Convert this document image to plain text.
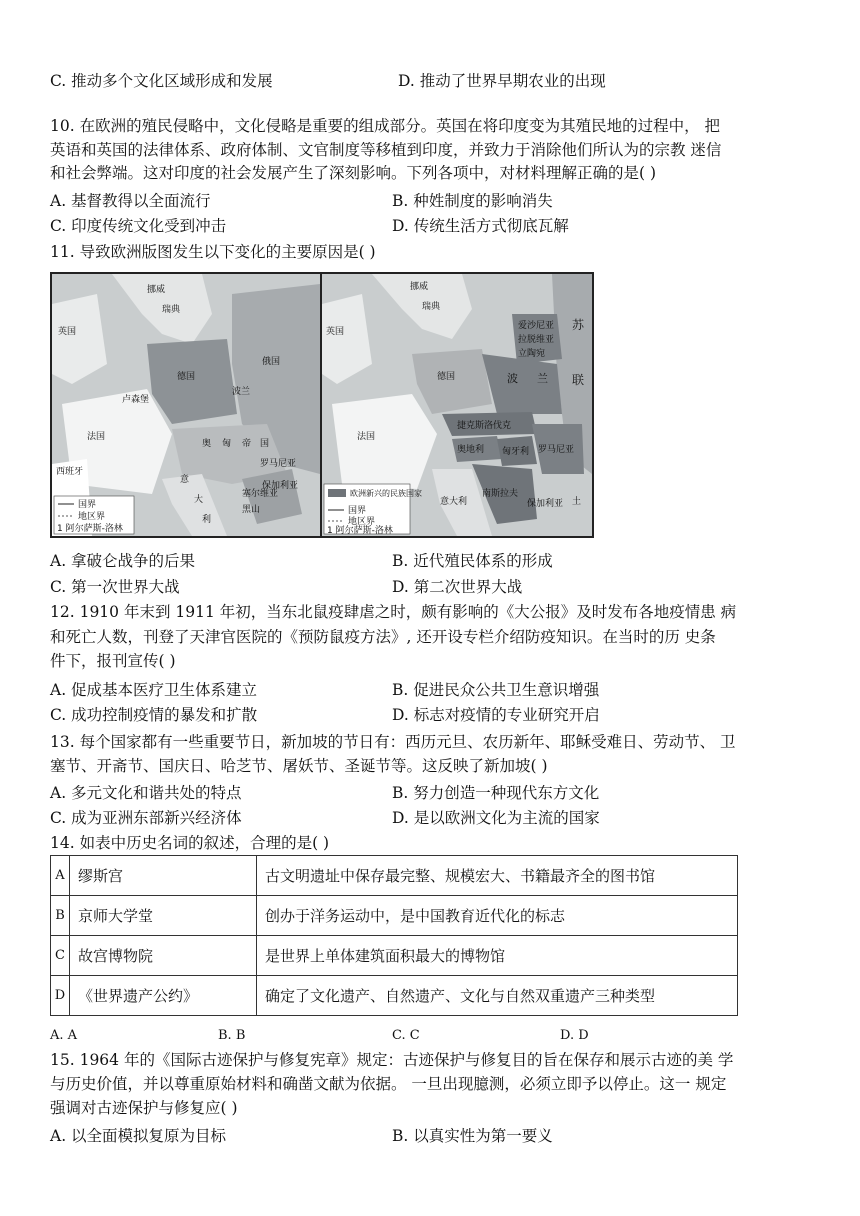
C. 推动多个文化区域形成和发展	D. 推动了世界早期农业的出现
10. 在欧洲的殖民侵略中，文化侵略是重要的组成部分。英国在将印度变为其殖民地的过程中， 把
英语和英国的法律体系、政府体制、文官制度等移植到印度，并致力于消除他们所认为的宗教 迷信
和社会弊端。这对印度的社会发展产生了深刻影响。下列各项中，对材料理解正确的是( )
A. 基督教得以全面流行	B. 种姓制度的影响消失
C. 印度传统文化受到冲击	D. 传统生活方式彻底瓦解
11. 导致欧洲版图发生以下变化的主要原因是( )
挪威
瑞典
英国
俄国
德国
法国
波兰
奥 匈 帝 国
意
大
利
西班牙
卢森堡
塞尔维亚
罗马尼亚
保加利亚
黑山
国界
地区界
1 阿尔萨斯-洛林
挪威
瑞典
苏
联
英国
德国
法国
波 兰
拉脱维亚
立陶宛
爱沙尼亚
捷克斯洛伐克
奥地利 匈牙利 罗马尼亚
南斯拉夫
意大利	保加利亚 土
欧洲新兴的民族国家
国界
地区界
1 阿尔萨斯-洛林
A. 拿破仑战争的后果	B. 近代殖民体系的形成
C. 第一次世界大战	D. 第二次世界大战
12. 1910 年末到 1911 年初，当东北鼠疫肆虐之时，颇有影响的《大公报》及时发布各地疫情患 病
和死亡人数，刊登了天津官医院的《预防鼠疫方法》, 还开设专栏介绍防疫知识。在当时的历 史条
件下，报刊宣传( )
A. 促成基本医疗卫生体系建立	B. 促进民众公共卫生意识增强
C. 成功控制疫情的暴发和扩散	D. 标志对疫情的专业研究开启
13. 每个国家都有一些重要节日，新加坡的节日有：西历元旦、农历新年、耶稣受难日、劳动节、 卫
塞节、开斋节、国庆日、哈芝节、屠妖节、圣诞节等。这反映了新加坡( )
A. 多元文化和谐共处的特点	B. 努力创造一种现代东方文化
C. 成为亚洲东部新兴经济体	D. 是以欧洲文化为主流的国家
14. 如表中历史名词的叙述，合理的是( )
A	缪斯宫	古文明遗址中保存最完整、规模宏大、书籍最齐全的图书馆
B	京师大学堂	创办于洋务运动中，是中国教育近代化的标志
C	故宫博物院	是世界上单体建筑面积最大的博物馆
D	《世界遗产公约》	确定了文化遗产、自然遗产、文化与自然双重遗产三种类型
A. A	B. B	C. C	D. D
15. 1964 年的《国际古迹保护与修复宪章》规定：古迹保护与修复目的旨在保存和展示古迹的美 学
与历史价值，并以尊重原始材料和确凿文献为依据。 一旦出现臆测，必须立即予以停止。这一 规定
强调对古迹保护与修复应( )
A. 以全面模拟复原为目标	B. 以真实性为第一要义
